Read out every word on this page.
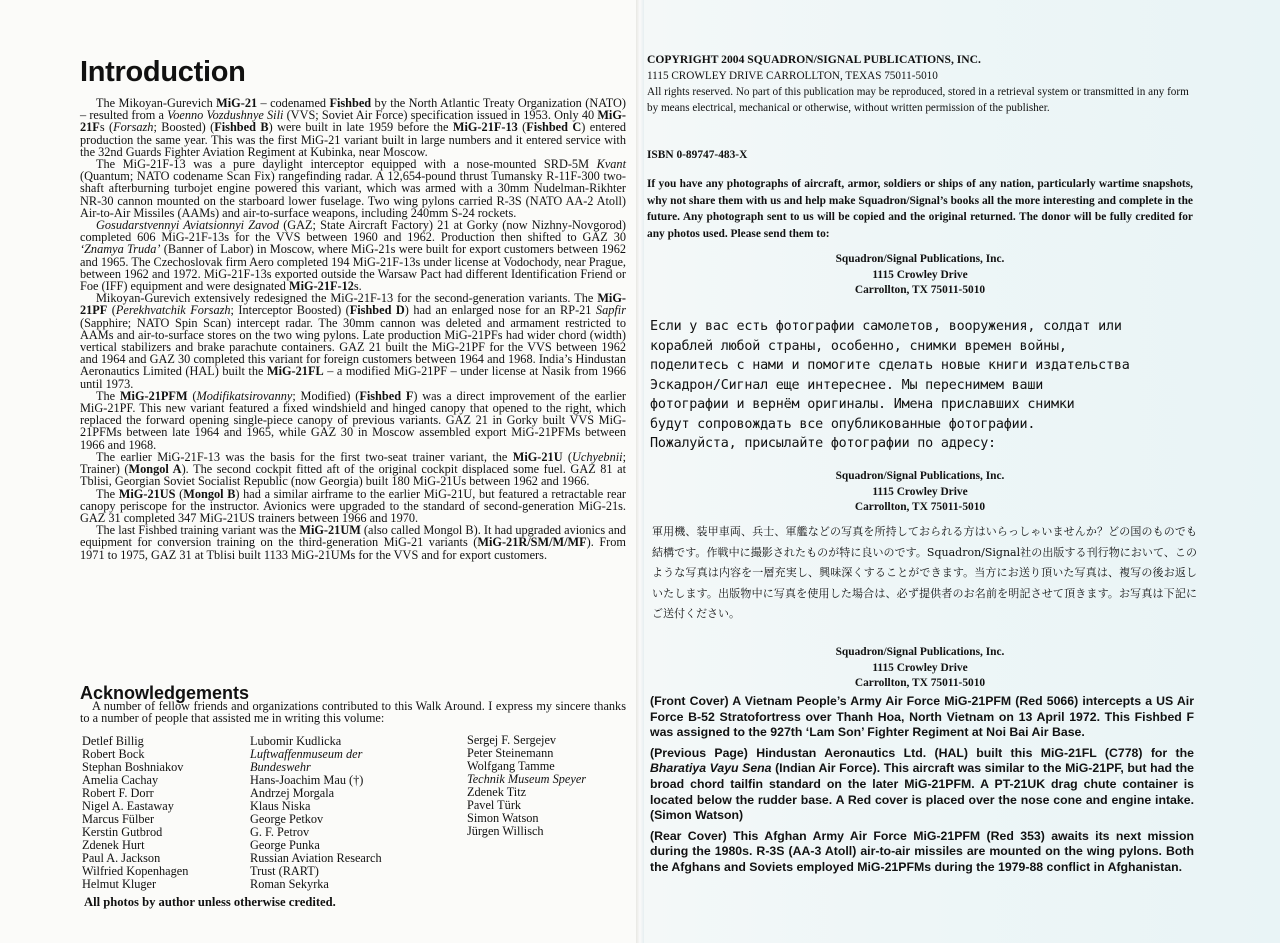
Introduction

The Mikoyan-Gurevich MiG-21 – codenamed Fishbed by the North Atlantic Treaty Organization (NATO) – resulted from a Voenno Vozdushnye Sili (VVS; Soviet Air Force) specification issued in 1953. Only 40 MiG-21Fs (Forsazh; Boosted) (Fishbed B) were built in late 1959 before the MiG-21F-13 (Fishbed C) entered production the same year. This was the first MiG-21 variant built in large numbers and it entered service with the 32nd Guards Fighter Aviation Regiment at Kubinka, near Moscow.

The MiG-21F-13 was a pure daylight interceptor equipped with a nose-mounted SRD-5M Kvant (Quantum; NATO codename Scan Fix) rangefinding radar. A 12,654-pound thrust Tumansky R-11F-300 two-shaft afterburning turbojet engine powered this variant, which was armed with a 30mm Nudelman-Rikhter NR-30 cannon mounted on the starboard lower fuselage. Two wing pylons carried R-3S (NATO AA-2 Atoll) Air-to-Air Missiles (AAMs) and air-to-surface weapons, including 240mm S-24 rockets.

Gosudarstvennyi Aviatsionnyi Zavod (GAZ; State Aircraft Factory) 21 at Gorky (now Nizhny-Novgorod) completed 606 MiG-21F-13s for the VVS between 1960 and 1962. Production then shifted to GAZ 30 ‘Znamya Truda’ (Banner of Labor) in Moscow, where MiG-21s were built for export customers between 1962 and 1965. The Czechoslovak firm Aero completed 194 MiG-21F-13s under license at Vodochody, near Prague, between 1962 and 1972. MiG-21F-13s exported outside the Warsaw Pact had different Identification Friend or Foe (IFF) equipment and were designated MiG-21F-12s.

Mikoyan-Gurevich extensively redesigned the MiG-21F-13 for the second-generation variants. The MiG-21PF (Perekhvatchik Forsazh; Interceptor Boosted) (Fishbed D) had an enlarged nose for an RP-21 Sapfir (Sapphire; NATO Spin Scan) intercept radar. The 30mm cannon was deleted and armament restricted to AAMs and air-to-surface stores on the two wing pylons. Late production MiG-21PFs had wider chord (width) vertical stabilizers and brake parachute containers. GAZ 21 built the MiG-21PF for the VVS between 1962 and 1964 and GAZ 30 completed this variant for foreign customers between 1964 and 1968. India’s Hindustan Aeronautics Limited (HAL) built the MiG-21FL – a modified MiG-21PF – under license at Nasik from 1966 until 1973.

The MiG-21PFM (Modifikatsirovanny; Modified) (Fishbed F) was a direct improvement of the earlier MiG-21PF. This new variant featured a fixed windshield and hinged canopy that opened to the right, which replaced the forward opening single-piece canopy of previous variants. GAZ 21 in Gorky built VVS MiG-21PFMs between late 1964 and 1965, while GAZ 30 in Moscow assembled export MiG-21PFMs between 1966 and 1968.

The earlier MiG-21F-13 was the basis for the first two-seat trainer variant, the MiG-21U (Uchyebnii; Trainer) (Mongol A). The second cockpit fitted aft of the original cockpit displaced some fuel. GAZ 81 at Tblisi, Georgian Soviet Socialist Republic (now Georgia) built 180 MiG-21Us between 1962 and 1966.

The MiG-21US (Mongol B) had a similar airframe to the earlier MiG-21U, but featured a retractable rear canopy periscope for the instructor. Avionics were upgraded to the standard of second-generation MiG-21s. GAZ 31 completed 347 MiG-21US trainers between 1966 and 1970.

The last Fishbed training variant was the MiG-21UM (also called Mongol B). It had upgraded avionics and equipment for conversion training on the third-generation MiG-21 variants (MiG-21R/SM/M/MF). From 1971 to 1975, GAZ 31 at Tblisi built 1133 MiG-21UMs for the VVS and for export customers.

Acknowledgements

A number of fellow friends and organizations contributed to this Walk Around. I express my sincere thanks to a number of people that assisted me in writing this volume:

Detlef Billig
Robert Bock
Stephan Boshniakov
Amelia Cachay
Robert F. Dorr
Nigel A. Eastaway
Marcus Fülber
Kerstin Gutbrod
Zdenek Hurt
Paul A. Jackson
Wilfried Kopenhagen
Helmut Kluger
Lubomir Kudlicka
Luftwaffenmuseum der
Bundeswehr
Hans-Joachim Mau (†)
Andrzej Morgala
Klaus Niska
George Petkov
G. F. Petrov
George Punka
Russian Aviation Research
Trust (RART)
Roman Sekyrka
Sergej F. Sergejev
Peter Steinemann
Wolfgang Tamme
Technik Museum Speyer
Zdenek Titz
Pavel Türk
Simon Watson
Jürgen Willisch
All photos by author unless otherwise credited.
COPYRIGHT 2004 SQUADRON/SIGNAL PUBLICATIONS, INC.
1115 CROWLEY DRIVE CARROLLTON, TEXAS 75011-5010
All rights reserved. No part of this publication may be reproduced, stored in a retrieval system or transmitted in any form by means electrical, mechanical or otherwise, without written permission of the publisher.
ISBN 0-89747-483-X
If you have any photographs of aircraft, armor, soldiers or ships of any nation, particularly wartime snapshots, why not share them with us and help make Squadron/Signal’s books all the more interesting and complete in the future. Any photograph sent to us will be copied and the original returned. The donor will be fully credited for any photos used. Please send them to:
Squadron/Signal Publications, Inc.
1115 Crowley Drive
Carrollton, TX 75011-5010
Если у вас есть фотографии самолетов, вооружения, солдат или
кораблей любой страны, особенно, снимки времен войны,
поделитесь с нами и помогите сделать новые книги издательства
Эскадрон/Сигнал еще интереснее. Мы переснимем ваши
фотографии и вернём оригиналы. Имена приславших снимки
будут сопровождать все опубликованные фотографии.
Пожалуйста, присылайте фотографии по адресу:
Squadron/Signal Publications, Inc.
1115 Crowley Drive
Carrollton, TX 75011-5010
軍用機、装甲車両、兵士、軍艦などの写真を所持しておられる方はいらっしゃいませんか？どの国のものでも結構です。作戦中に撮影されたものが特に良いのです。Squadron/Signal社の出版する刊行物において、このような写真は内容を一層充実し、興味深くすることができます。当方にお送り頂いた写真は、複写の後お返しいたします。出版物中に写真を使用した場合は、必ず提供者のお名前を明記させて頂きます。お写真は下記にご送付ください。
Squadron/Signal Publications, Inc.
1115 Crowley Drive
Carrollton, TX 75011-5010

(Front Cover) A Vietnam People’s Army Air Force MiG-21PFM (Red 5066) intercepts a US Air Force B-52 Stratofortress over Thanh Hoa, North Vietnam on 13 April 1972. This Fishbed F was assigned to the 927th ‘Lam Son’ Fighter Regiment at Noi Bai Air Base.

(Previous Page) Hindustan Aeronautics Ltd. (HAL) built this MiG-21FL (C778) for the Bharatiya Vayu Sena (Indian Air Force). This aircraft was similar to the MiG-21PF, but had the broad chord tailfin standard on the later MiG-21PFM. A PT-21UK drag chute container is located below the rudder base. A Red cover is placed over the nose cone and engine intake. (Simon Watson)

(Rear Cover) This Afghan Army Air Force MiG-21PFM (Red 353) awaits its next mission during the 1980s. R-3S (AA-3 Atoll) air-to-air missiles are mounted on the wing pylons. Both the Afghans and Soviets employed MiG-21PFMs during the 1979-88 conflict in Afghanistan.
